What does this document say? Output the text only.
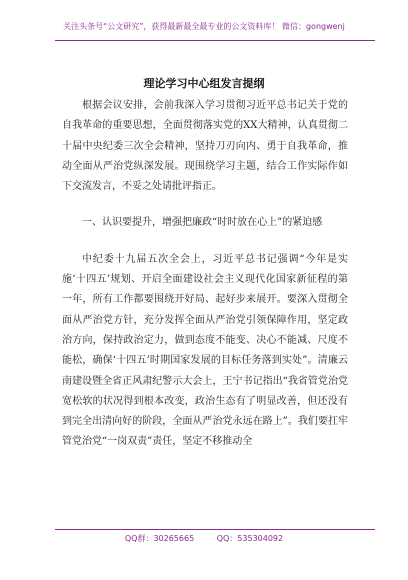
关注头条号“公文研究”，获得最新最全最专业的公文资料库！ 微信：gongwenj
理论学习中心组发言提纲

根据会议安排，会前我深入学习贯彻习近平总书记关于党的自我革命的重要思想，全面贯彻落实党的XX大精神，认真贯彻二十届中央纪委三次全会精神，坚持刀刃向内、勇于自我革命，推动全面从严治党纵深发展。现围绕学习主题，结合工作实际作如下交流发言，不妥之处请批评指正。

一、认识要提升，增强把廉政“时时放在心上”的紧迫感

中纪委十九届五次全会上，习近平总书记强调“今年是实施‘十四五’规划、开启全面建设社会主义现代化国家新征程的第一年，所有工作都要围绕开好局、起好步来展开。要深入贯彻全面从严治党方针，充分发挥全面从严治党引领保障作用，坚定政治方向，保持政治定力，做到态度不能变、决心不能减、尺度不能松，确保‘十四五’时期国家发展的目标任务落到实处”。清廉云南建设暨全省正风肃纪警示大会上，王宁书记指出“我省管党治党宽松软的状况得到根本改变，政治生态有了明显改善，但还没有到完全出清向好的阶段，全面从严治党永远在路上”。我们要扛牢管党治党“一岗双责”责任，坚定不移推动全

QQ群：30265665 QQ：535304092
